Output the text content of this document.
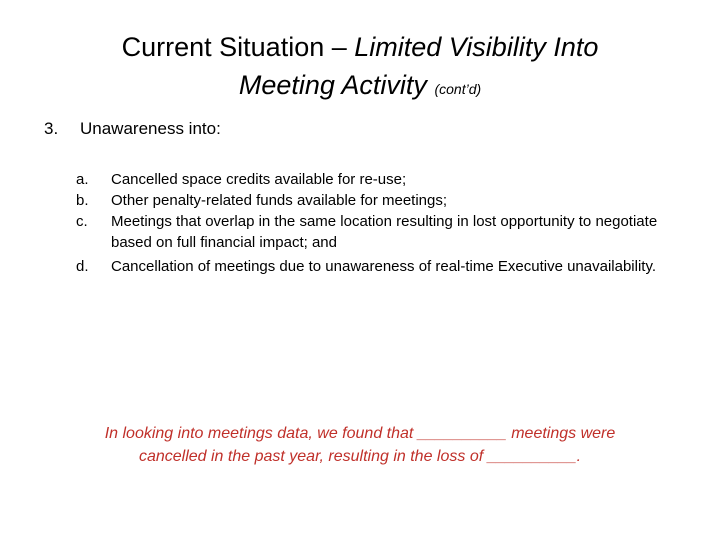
Current Situation – Limited Visibility Into
Meeting Activity (cont’d)
3. Unawareness into:
a.	Cancelled space credits available for re-use;
b.	Other penalty-related funds available for meetings;
c.	Meetings that overlap in the same location resulting in lost opportunity to negotiate based on full financial impact; and
d.	Cancellation of meetings due to unawareness of real-time Executive unavailability.
In looking into meetings data, we found that __________ meetings were
cancelled in the past year, resulting in the loss of __________.
